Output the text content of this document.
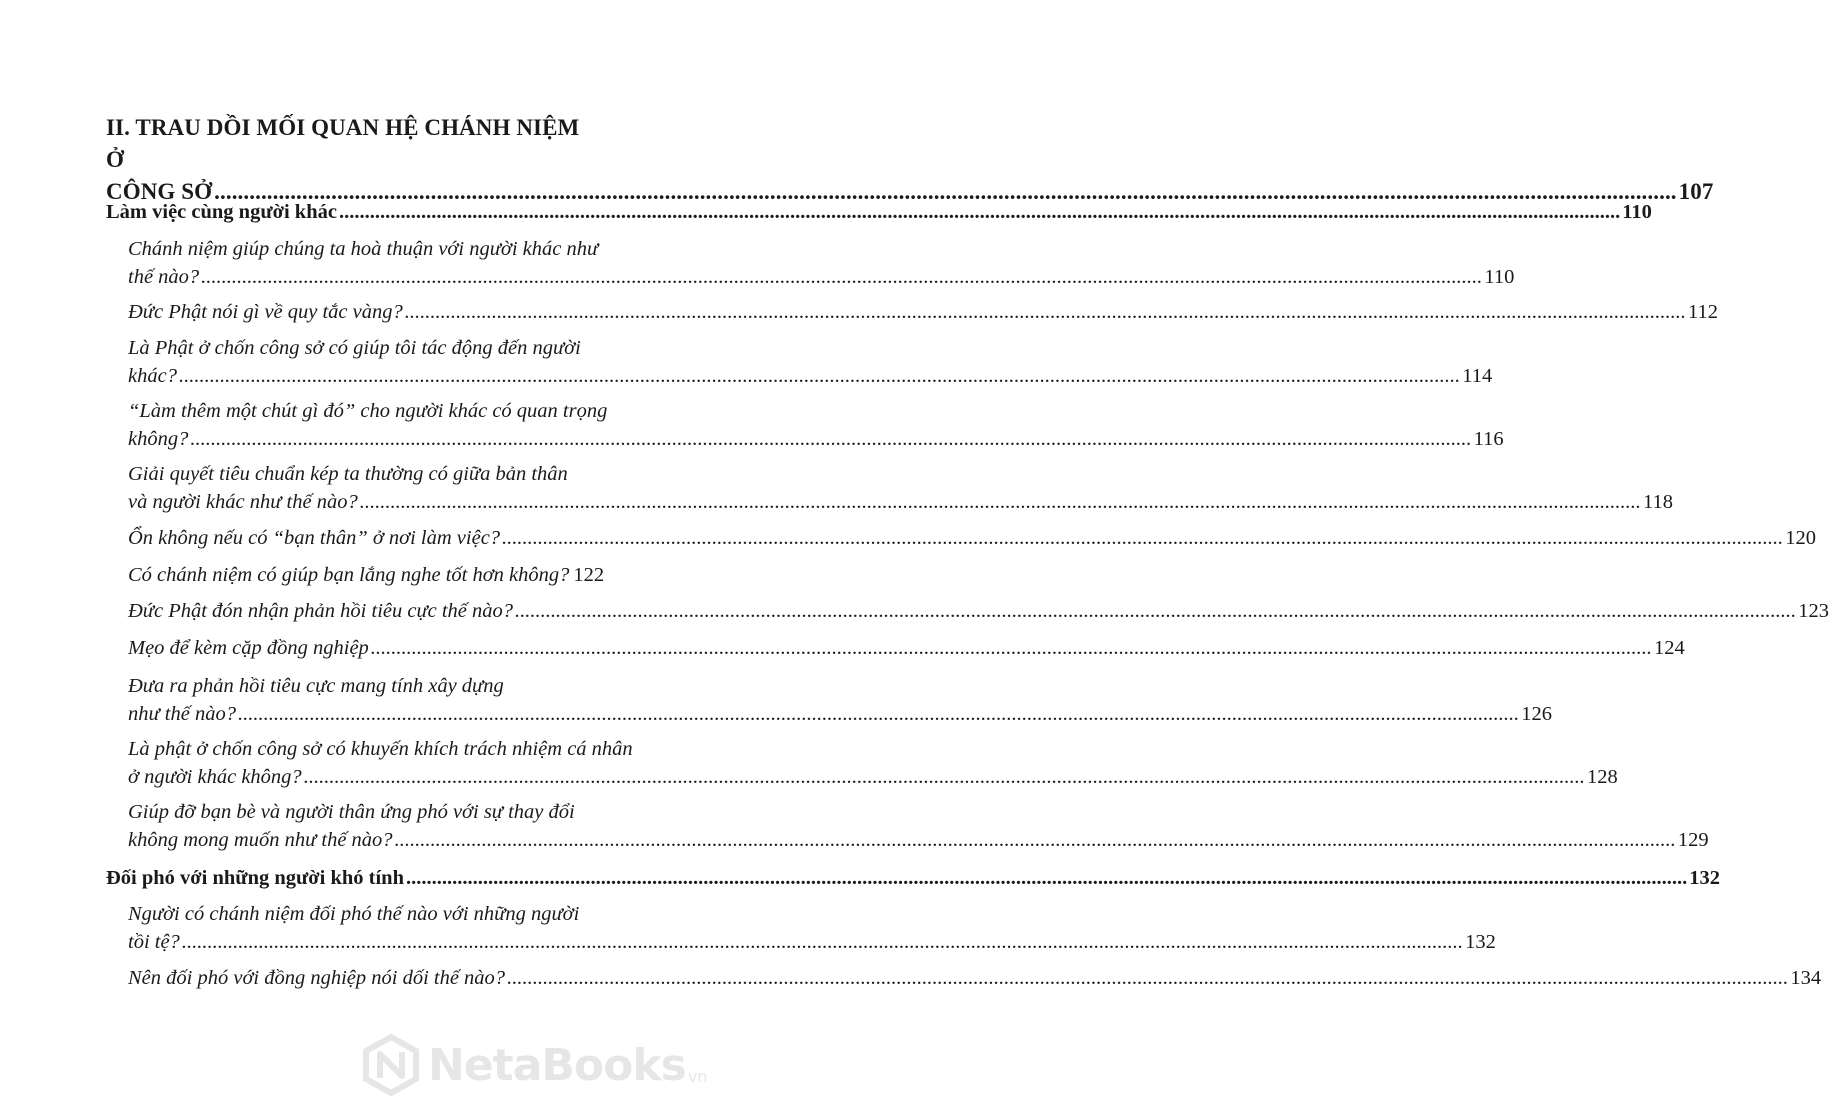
II. TRAU DỒI MỐI QUAN HỆ CHÁNH NIỆM Ở
CÔNG SỞ .....	107
Làm việc cùng người khác .....	110
Chánh niệm giúp chúng ta hoà thuận với người khác như
thế nào? .....	110
Đức Phật nói gì về quy tắc vàng? .....	112
Là Phật ở chốn công sở có giúp tôi tác động đến người
khác? .....	114
“Làm thêm một chút gì đó” cho người khác có quan trọng
không? .....	116
Giải quyết tiêu chuẩn kép ta thường có giữa bản thân
và người khác như thế nào? .....	118
Ổn không nếu có “bạn thân” ở nơi làm việc? .....	120
Có chánh niệm có giúp bạn lắng nghe tốt hơn không? 122
Đức Phật đón nhận phản hồi tiêu cực thế nào? .....	123
Mẹo để kèm cặp đồng nghiệp .....	124
Đưa ra phản hồi tiêu cực mang tính xây dựng
như thế nào? .....	126
Là phật ở chốn công sở có khuyến khích trách nhiệm cá nhân
ở người khác không? .....	128
Giúp đỡ bạn bè và người thân ứng phó với sự thay đổi
không mong muốn như thế nào? .....	129
Đối phó với những người khó tính .....	132
Người có chánh niệm đối phó thế nào với những người
tồi tệ? .....	132
Nên đối phó với đồng nghiệp nói dối thế nào? .....	134
NetaBooks vn
